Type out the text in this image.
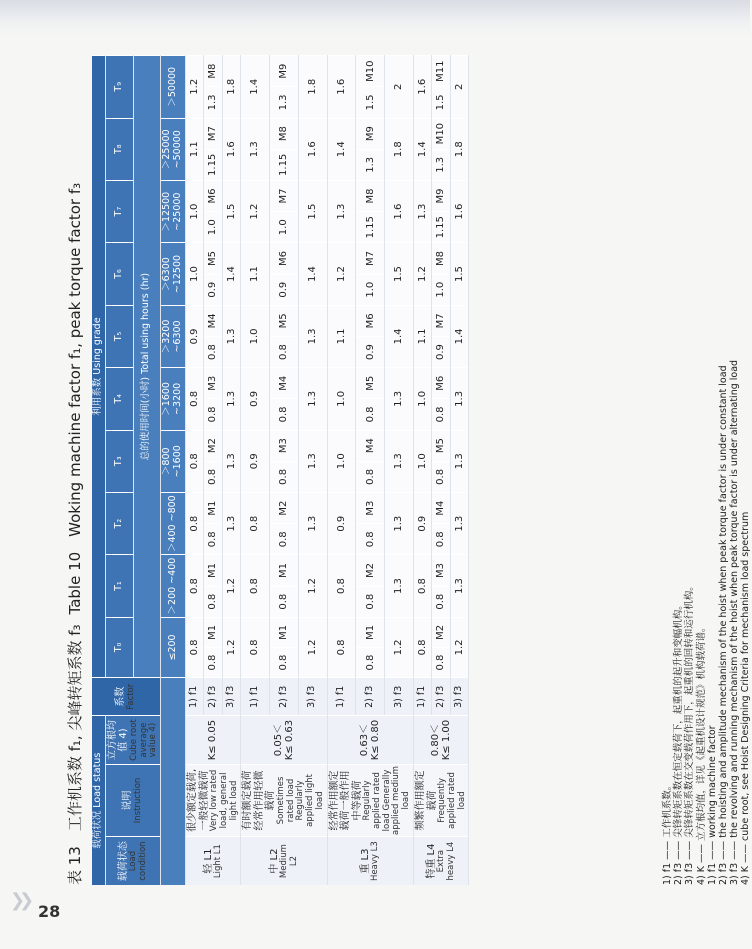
❯❯
28
表 13　工作机系数 f₁, 尖峰转矩系数 f₃Table 10　Woking machine factor f₁, peak torque factor f₃
载荷状况 Load status			系数 Factor	利用系数 Using grade																			

载荷状态 Load condition	说明 Instruction	立方根均值 4) Cube root average value 4)		T₀		T₁		T₂		T₃		T₄		T₅		T₆		T₇		T₈		T₉	
				总的使用时间(小时) Total using hours (hr)																			
				≤200		＞200 ~400		＞400 ~800		＞800 ~1600		＞1600 ~3200		＞3200 ~6300		＞6300 ~12500		＞12500 ~25000		＞25000 ~50000		＞50000	

轻 L1 Light L1	很少额定载荷, 一般轻微载荷 Very low rated load, general light load	K≤ 0.05	1) f1	0.8		0.8		0.8		0.8		0.8		0.9		1.0		1.0		1.1		1.2	
			2) f3	0.8	M1	0.8	M1	0.8	M1	0.8	M2	0.8	M3	0.8	M4	0.9	M5	1.0	M6	1.15	M7	1.3	M8
			3) f3	1.2		1.2		1.3		1.3		1.3		1.3		1.4		1.5		1.6		1.8	

中 L2 Medium L2	有时额定载荷经常作用轻微载荷 Sometimes rated load Regularly applied light load	0.05＜ K≤ 0.63	1) f1	0.8		0.8		0.8		0.9		0.9		1.0		1.1		1.2		1.3		1.4	
			2) f3	0.8	M1	0.8	M1	0.8	M2	0.8	M3	0.8	M4	0.8	M5	0.9	M6	1.0	M7	1.15	M8	1.3	M9
			3) f3	1.2		1.2		1.3		1.3		1.3		1.3		1.4		1.5		1.6		1.8	

重 L3 Heavy L3	经常作用额定载荷一般作用中等载荷 Regularly applied rated load Generally applied medium load	0.63＜ K≤ 0.80	1) f1	0.8		0.8		0.9		1.0		1.0		1.1		1.2		1.3		1.4		1.6	
			2) f3	0.8	M1	0.8	M2	0.8	M3	0.8	M4	0.8	M5	0.9	M6	1.0	M7	1.15	M8	1.3	M9	1.5	M10
			3) f3	1.2		1.3		1.3		1.3		1.3		1.4		1.5		1.6		1.8		2	

特重 L4 Extra heavy L4	频繁作用额定载荷 Frequently applied rated load	0.80＜ K≤ 1.00	1) f1	0.8		0.8		0.9		1.0		1.0		1.1		1.2		1.3		1.4		1.6	
			2) f3	0.8	M2	0.8	M3	0.8	M4	0.8	M5	0.8	M6	0.9	M7	1.0	M8	1.15	M9	1.3	M10	1.5	M11
			3) f3	1.2		1.3		1.3		1.3		1.3		1.4		1.5		1.6		1.8		2	
1) f1 —— 工作机系数。 2) f3 —— 尖锋转矩系数在恒定载荷下，起重机的起升和变幅机构。 3) f3 —— 尖锋转矩系数在交变载荷作用下，起重机的回转和运行机构。 4) K —— 立方根均值，详见《起重机设计规范》机构载荷谱。 1) f1 —— working machine factor 2) f3 —— the hoisting and amplitude mechanism of the hoist when peak torque factor is under constant load 3) f3 —— the revolving and running mechanism of the hoist when peak torque factor is under alternating load 4) K —— cube root, see Hoist Designing Criteria for mechanism load spectrum
